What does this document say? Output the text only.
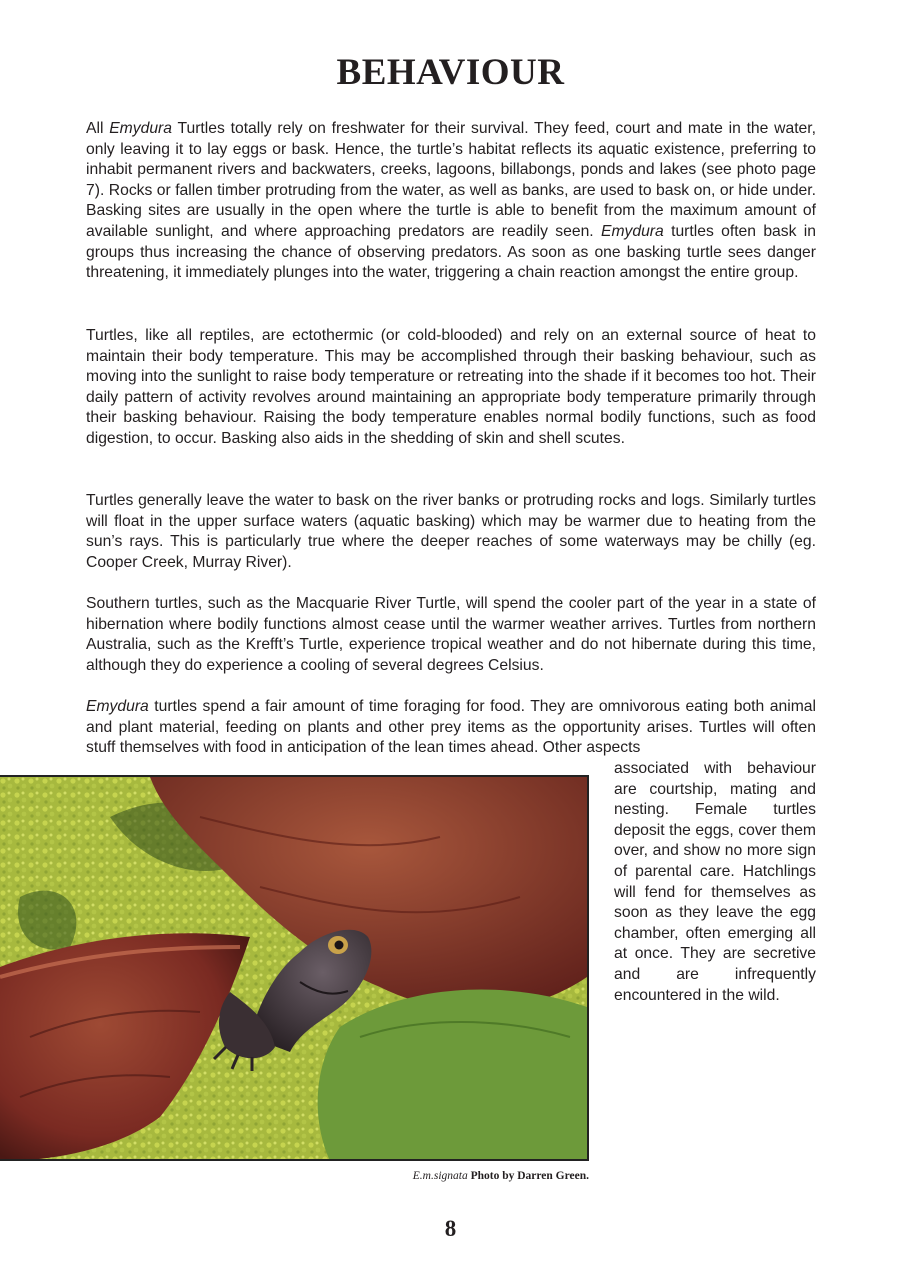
BEHAVIOUR

All Emydura Turtles totally rely on freshwater for their survival. They feed, court and mate in the water, only leaving it to lay eggs or bask. Hence, the turtle’s habitat reflects its aquatic existence, preferring to inhabit permanent rivers and backwaters, creeks, lagoons, billabongs, ponds and lakes (see photo page 7). Rocks or fallen timber protruding from the water, as well as banks, are used to bask on, or hide under. Basking sites are usually in the open where the turtle is able to benefit from the maximum amount of available sunlight, and where approaching predators are readily seen. Emydura turtles often bask in groups thus increasing the chance of observing predators. As soon as one basking turtle sees danger threatening, it immediately plunges into the water, triggering a chain reaction amongst the entire group.

Turtles, like all reptiles, are ectothermic (or cold-blooded) and rely on an external source of heat to maintain their body temperature. This may be accomplished through their basking behaviour, such as moving into the sunlight to raise body temperature or retreating into the shade if it becomes too hot. Their daily pattern of activity revolves around maintaining an appropriate body temperature primarily through their basking behaviour. Raising the body temperature enables normal bodily functions, such as food digestion, to occur. Basking also aids in the shedding of skin and shell scutes.

Turtles generally leave the water to bask on the river banks or protruding rocks and logs. Similarly turtles will float in the upper surface waters (aquatic basking) which may be warmer due to heating from the sun’s rays. This is particularly true where the deeper reaches of some waterways may be chilly (eg. Cooper Creek, Murray River).

Southern turtles, such as the Macquarie River Turtle, will spend the cooler part of the year in a state of hibernation where bodily functions almost cease until the warmer weather arrives. Turtles from northern Australia, such as the Krefft’s Turtle, experience tropical weather and do not hibernate during this time, although they do experience a cooling of several degrees Celsius.

Emydura turtles spend a fair amount of time foraging for food. They are omnivorous eating both animal and plant material, feeding on plants and other prey items as the opportunity arises. Turtles will often stuff themselves with food in anticipation of the lean times ahead. Other aspects

associated with behaviour are courtship, mating and nesting. Female turtles deposit the eggs, cover them over, and show no more sign of parental care. Hatchlings will fend for themselves as soon as they leave the egg chamber, often emerging all at once. They are secretive and are infrequently encountered in the wild.

E.m.signata Photo by Darren Green.
8
